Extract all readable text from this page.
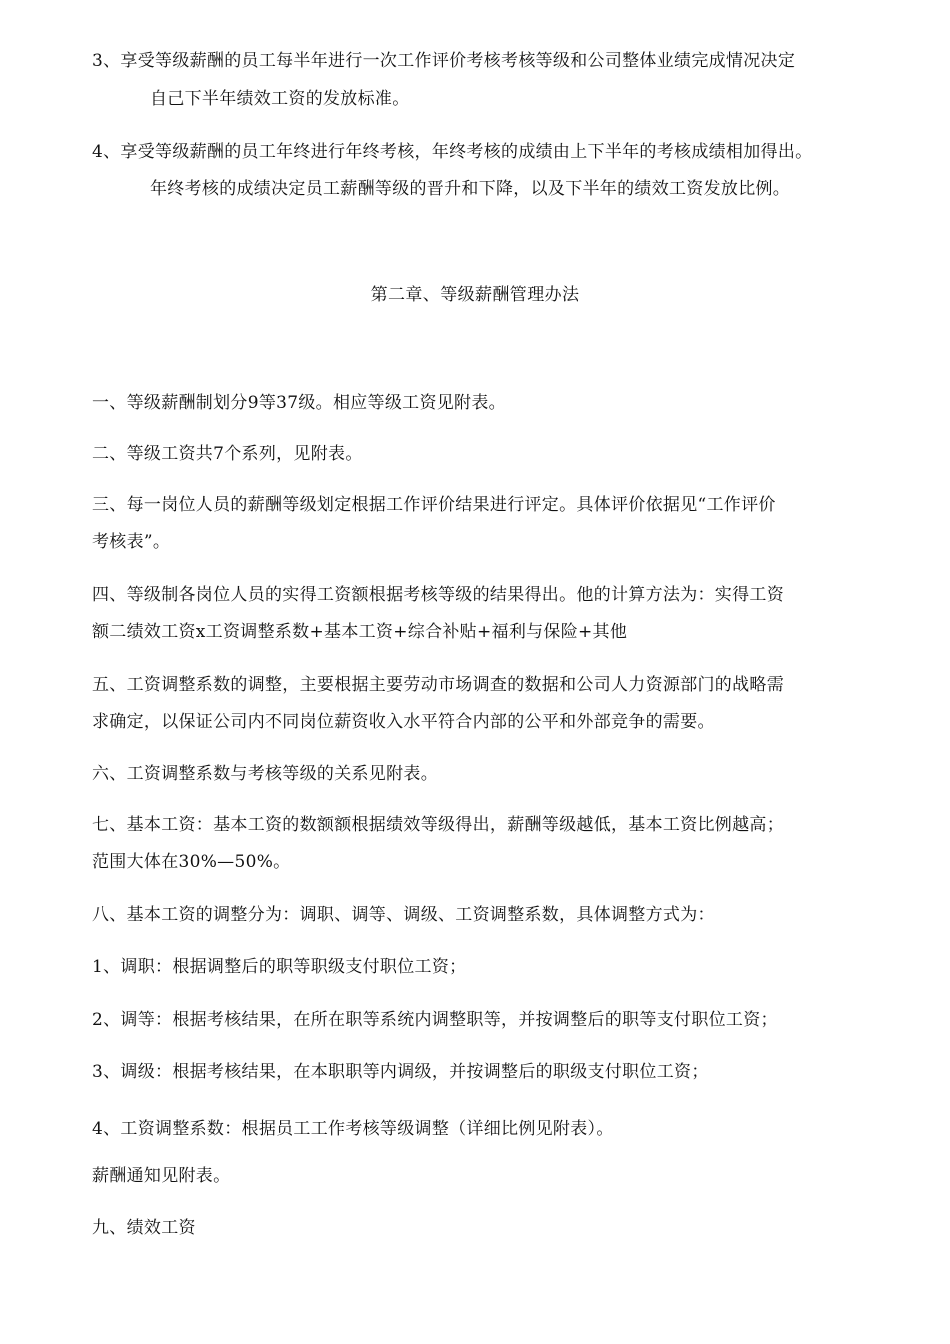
3、享受等级薪酬的员工每半年进行一次工作评价考核考核等级和公司整体业绩完成情况决定
自己下半年绩效工资的发放标准。
4、享受等级薪酬的员工年终进行年终考核，年终考核的成绩由上下半年的考核成绩相加得出。
年终考核的成绩决定员工薪酬等级的晋升和下降，以及下半年的绩效工资发放比例。
第二章、等级薪酬管理办法
一、等级薪酬制划分9等37级。相应等级工资见附表。
二、等级工资共7个系列，见附表。
三、每一岗位人员的薪酬等级划定根据工作评价结果进行评定。具体评价依据见“工作评价
考核表”。
四、等级制各岗位人员的实得工资额根据考核等级的结果得出。他的计算方法为：实得工资
额二绩效工资x工资调整系数+基本工资+综合补贴+福利与保险+其他
五、工资调整系数的调整，主要根据主要劳动市场调查的数据和公司人力资源部门的战略需
求确定，以保证公司内不同岗位薪资收入水平符合内部的公平和外部竞争的需要。
六、工资调整系数与考核等级的关系见附表。
七、基本工资：基本工资的数额额根据绩效等级得出，薪酬等级越低，基本工资比例越高；
范围大体在30%—50%。
八、基本工资的调整分为：调职、调等、调级、工资调整系数，具体调整方式为：
1、调职：根据调整后的职等职级支付职位工资；
2、调等：根据考核结果，在所在职等系统内调整职等，并按调整后的职等支付职位工资；
3、调级：根据考核结果，在本职职等内调级，并按调整后的职级支付职位工资；
4、工资调整系数：根据员工工作考核等级调整（详细比例见附表）。
薪酬通知见附表。
九、绩效工资
